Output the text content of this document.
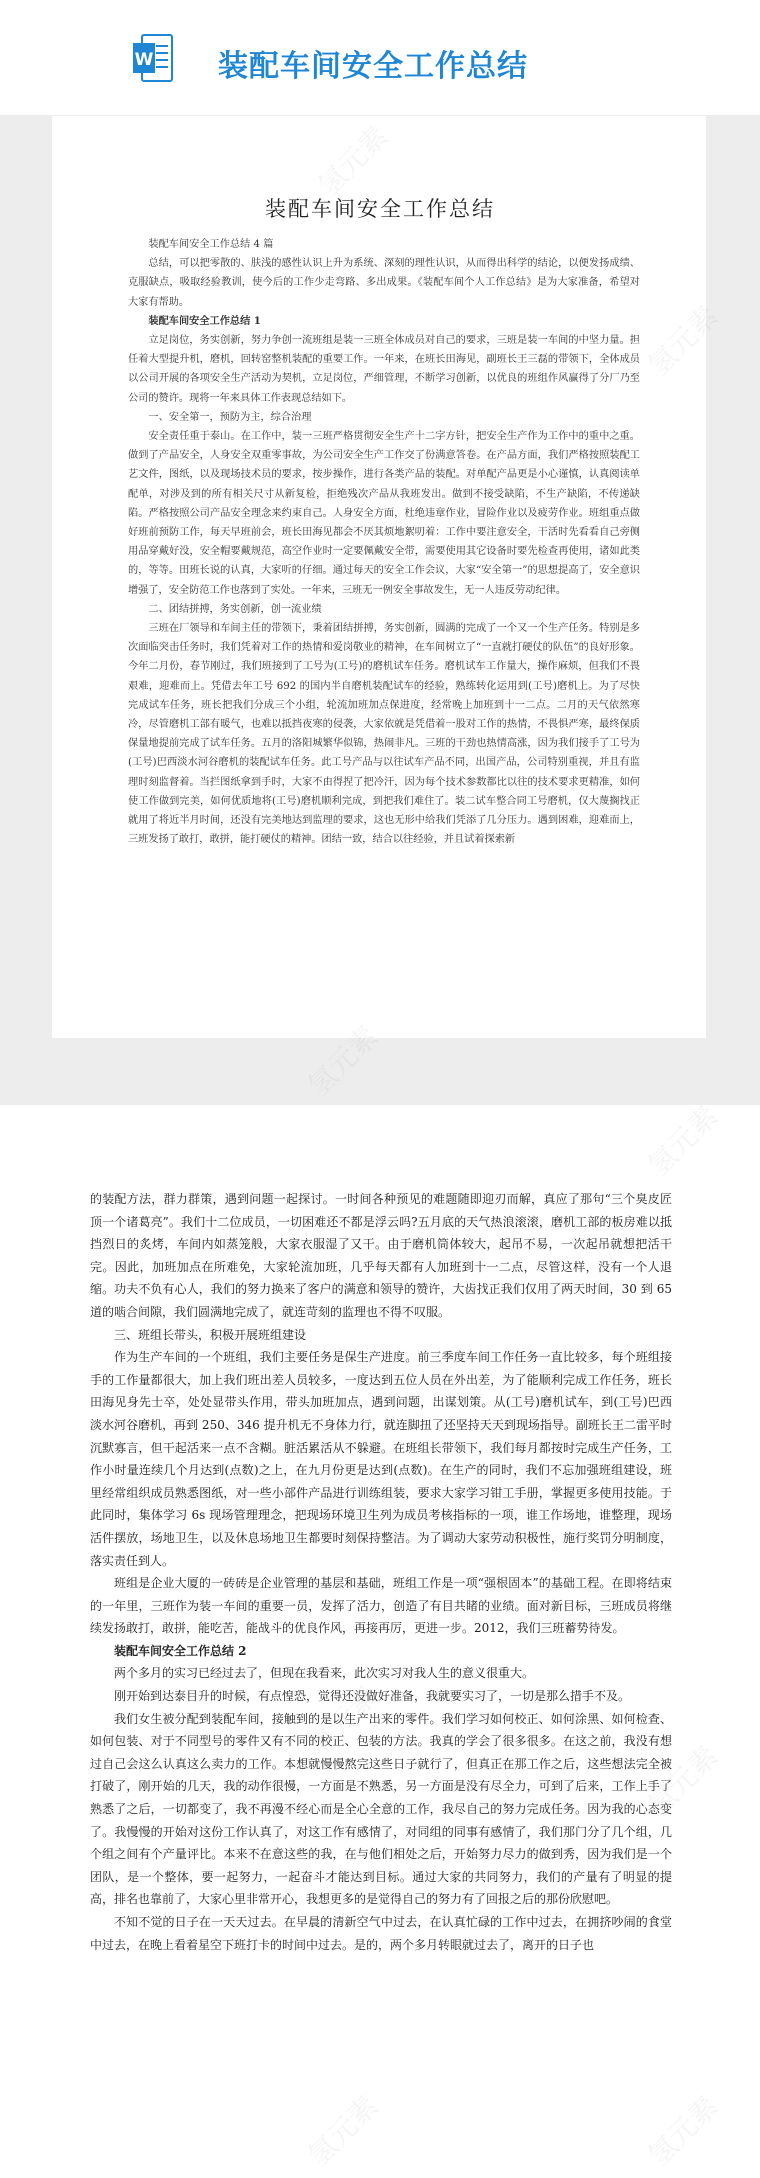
W 装配车间安全工作总结
装配车间安全工作总结

装配车间安全工作总结 4 篇

总结，可以把零散的、肤浅的感性认识上升为系统、深刻的理性认识，从而得出科学的结论，以便发扬成绩、克服缺点，吸取经验教训，使今后的工作少走弯路、多出成果。《装配车间个人工作总结》是为大家准备，希望对大家有帮助。

装配车间安全工作总结 1

立足岗位，务实创新，努力争创一流班组是装一三班全体成员对自己的要求，三班是装一车间的中坚力量。担任着大型提升机，磨机，回转窑整机装配的重要工作。一年来，在班长田海见，副班长王三磊的带领下，全体成员以公司开展的各项安全生产活动为契机，立足岗位，严细管理，不断学习创新，以优良的班组作风赢得了分厂乃至公司的赞许。现将一年来具体工作表现总结如下。

一、安全第一，预防为主，综合治理

安全责任重于泰山。在工作中，装一三班严格贯彻安全生产十二字方针，把安全生产作为工作中的重中之重。做到了产品安全，人身安全双重零事故，为公司安全生产工作交了份满意答卷。在产品方面，我们严格按照装配工艺文件，图纸，以及现场技术员的要求，按步操作，进行各类产品的装配。对单配产品更是小心谨慎，认真阅读单配单，对涉及到的所有相关尺寸从新复检，拒绝残次产品从我班发出。做到不接受缺陷，不生产缺陷，不传递缺陷。严格按照公司产品安全理念来约束自己。人身安全方面，杜绝违章作业，冒险作业以及疲劳作业。班组重点做好班前预防工作，每天早班前会，班长田海见都会不厌其烦地絮叨着：工作中要注意安全，干活时先看看自己旁侧用品穿戴好没，安全帽要戴规范，高空作业时一定要佩戴安全带，需要使用其它设备时要先检查再使用，诸如此类的，等等。田班长说的认真，大家听的仔细。通过每天的安全工作会议，大家“安全第一”的思想提高了，安全意识增强了，安全防范工作也落到了实处。一年来，三班无一例安全事故发生，无一人违反劳动纪律。

二、团结拼搏，务实创新，创一流业绩

三班在厂领导和车间主任的带领下，秉着团结拼搏，务实创新，圆满的完成了一个又一个生产任务。特别是多次面临突击任务时，我们凭着对工作的热情和爱岗敬业的精神，在车间树立了“一直就打硬仗的队伍”的良好形象。今年二月份，春节刚过，我们班接到了工号为(工号)的磨机试车任务。磨机试车工作量大，操作麻烦，但我们不畏艰难，迎难而上。凭借去年工号 692 的国内半自磨机装配试车的经验，熟练转化运用到(工号)磨机上。为了尽快完成试车任务，班长把我们分成三个小组，轮流加班加点保进度，经常晚上加班到十一二点。二月的天气依然寒冷，尽管磨机工部有暖气，也难以抵挡夜寒的侵袭，大家依就是凭借着一股对工作的热情，不畏惧严寒，最终保质保量地提前完成了试车任务。五月的洛阳城繁华似锦，热闹非凡。三班的干劲也热情高涨，因为我们接手了工号为(工号)巴西淡水河谷磨机的装配试车任务。此工号产品与以往试车产品不同，出国产品，公司特别重视，并且有监理时刻监督着。当拦图纸拿到手时，大家不由得捏了把冷汗，因为每个技术参数都比以往的技术要求更精准，如何使工作做到完美，如何优质地将(工号)磨机顺利完成，到把我们难住了。装二试车整合同工号磨机，仅大蔑搁找正就用了将近半月时间，还没有完美地达到监理的要求，这也无形中给我们凭添了几分压力。遇到困难，迎难而上，三班发扬了敢打，敢拼，能打硬仗的精神。团结一致，结合以往经验，并且试着探索新

的装配方法，群力群策，遇到问题一起探讨。一时间各种预见的难题随即迎刃而解，真应了那句“三个臭皮匠顶一个诸葛亮”。我们十二位成员，一切困难还不都是浮云吗?五月底的天气热浪滚滚，磨机工部的板房难以抵挡烈日的炙烤，车间内如蒸笼般，大家衣服湿了又干。由于磨机筒体较大，起吊不易，一次起吊就想把活干完。因此，加班加点在所难免，大家轮流加班，几乎每天都有人加班到十一二点，尽管这样，没有一个人退缩。功夫不负有心人，我们的努力换来了客户的满意和领导的赞许，大齿找正我们仅用了两天时间，30 到 65 道的啮合间隙，我们圆满地完成了，就连苛刻的监理也不得不叹服。

三、班组长带头，积极开展班组建设

作为生产车间的一个班组，我们主要任务是保生产进度。前三季度车间工作任务一直比较多，每个班组接手的工作量都很大，加上我们班出差人员较多，一度达到五位人员在外出差，为了能顺利完成工作任务，班长田海见身先士卒，处处显带头作用，带头加班加点，遇到问题，出谋划策。从(工号)磨机试车，到(工号)巴西淡水河谷磨机，再到 250、346 提升机无不身体力行，就连脚扭了还坚持天天到现场指导。副班长王二雷平时沉默寡言，但干起活来一点不含糊。脏活累活从不躲避。在班组长带领下，我们每月都按时完成生产任务，工作小时量连续几个月达到(点数)之上，在九月份更是达到(点数)。在生产的同时，我们不忘加强班组建设，班里经常组织成员熟悉图纸，对一些小部件产品进行训练组装，要求大家学习钳工手册，掌握更多使用技能。于此同时，集体学习 6s 现场管理理念，把现场环境卫生列为成员考核指标的一项，谁工作场地，谁整理，现场活件摆放，场地卫生，以及休息场地卫生都要时刻保持整洁。为了调动大家劳动积极性，施行奖罚分明制度，落实责任到人。

班组是企业大厦的一砖砖是企业管理的基层和基础，班组工作是一项“强根固本”的基础工程。在即将结束的一年里，三班作为装一车间的重要一员，发挥了活力，创造了有目共睹的业绩。面对新目标，三班成员将继续发扬敢打，敢拼，能吃苦，能战斗的优良作风，再接再厉，更进一步。2012，我们三班蓄势待发。

装配车间安全工作总结 2

两个多月的实习已经过去了，但现在我看来，此次实习对我人生的意义很重大。

刚开始到达泰目升的时候，有点惶恐，觉得还没做好准备，我就要实习了，一切是那么措手不及。

我们女生被分配到装配车间，接触到的是以生产出来的零件。我们学习如何校正、如何涂黑、如何检查、如何包装、对于不同型号的零件又有不同的校正、包装的方法。我真的学会了很多很多。在这之前，我没有想过自己会这么认真这么卖力的工作。本想就慢慢熬完这些日子就行了，但真正在那工作之后，这些想法完全被打破了，刚开始的几天，我的动作很慢，一方面是不熟悉，另一方面是没有尽全力，可到了后来，工作上手了熟悉了之后，一切都变了，我不再漫不经心而是全心全意的工作，我尽自己的努力完成任务。因为我的心态变了。我慢慢的开始对这份工作认真了，对这工作有感情了，对同组的同事有感情了，我们那门分了几个组，几个组之间有个产量评比。本来不在意这些的我，在与他们相处之后，开始努力尽力的做到秀，因为我们是一个团队，是一个整体，要一起努力，一起奋斗才能达到目标。通过大家的共同努力，我们的产量有了明显的提高，排名也靠前了，大家心里非常开心，我想更多的是觉得自己的努力有了回报之后的那份欣慰吧。

不知不觉的日子在一天天过去。在早晨的清新空气中过去，在认真忙碌的工作中过去，在拥挤吵闹的食堂中过去，在晚上看着星空下班打卡的时间中过去。是的，两个多月转眼就过去了，离开的日子也

氢元素
氢元素
氢元素
氢元素	氢元素
